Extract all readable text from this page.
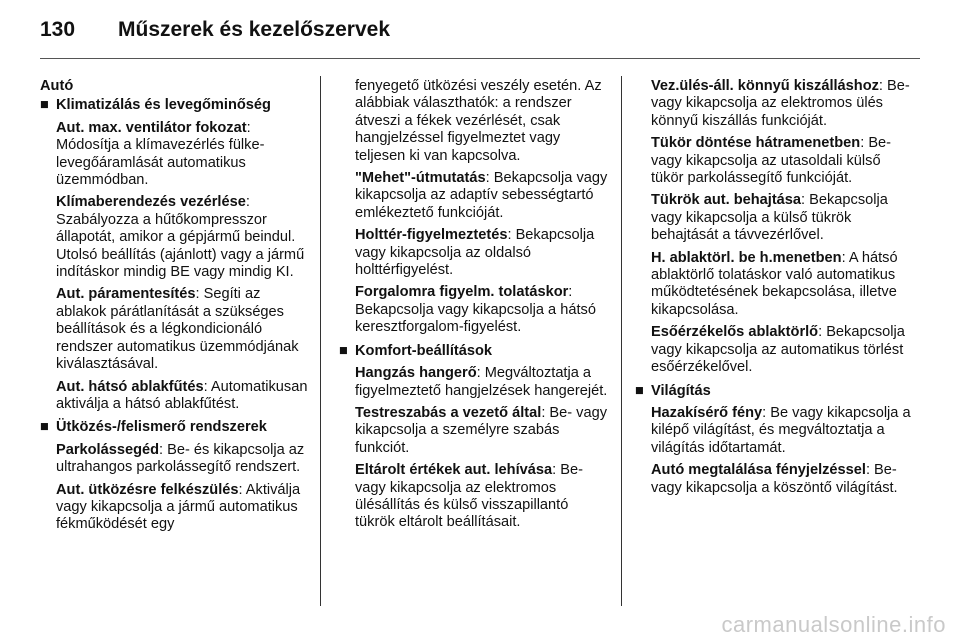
130	Műszerek és kezelőszervek
Autó
■ Klimatizálás és levegőminőség
Aut. max. ventilátor fokozat: Módosítja a klímavezérlés fülke-levegőáramlását automatikus üzemmódban.
Klímaberendezés vezérlése: Szabályozza a hűtőkompresszor állapotát, amikor a gépjármű beindul. Utolsó beállítás (ajánlott) vagy a jármű indításkor mindig BE vagy mindig KI.
Aut. páramentesítés: Segíti az ablakok párátlanítását a szükséges beállítások és a légkondicionáló rendszer automatikus üzemmódjának kiválasztásával.
Aut. hátsó ablakfűtés: Automatikusan aktiválja a hátsó ablakfűtést.
■ Ütközés-/felismerő rendszerek
Parkolássegéd: Be- és kikapcsolja az ultrahangos parkolássegítő rendszert.
Aut. ütközésre felkészülés: Aktiválja vagy kikapcsolja a jármű automatikus fékműködését egy
fenyegető ütközési veszély esetén. Az alábbiak választhatók: a rendszer átveszi a fékek vezérlését, csak hangjelzéssel figyelmeztet vagy teljesen ki van kapcsolva.
"Mehet"-útmutatás: Bekapcsolja vagy kikapcsolja az adaptív sebességtartó emlékeztető funkcióját.
Holttér-figyelmeztetés: Bekapcsolja vagy kikapcsolja az oldalsó holttérfigyelést.
Forgalomra figyelm. tolatáskor: Bekapcsolja vagy kikapcsolja a hátsó keresztforgalom-figyelést.
■ Komfort-beállítások
Hangzás hangerő: Megváltoztatja a figyelmeztető hangjelzések hangerejét.
Testreszabás a vezető által: Be- vagy kikapcsolja a személyre szabás funkciót.
Eltárolt értékek aut. lehívása: Be- vagy kikapcsolja az elektromos ülésállítás és külső visszapillantó tükrök eltárolt beállításait.
Vez.ülés-áll. könnyű kiszálláshoz: Be- vagy kikapcsolja az elektromos ülés könnyű kiszállás funkcióját.
Tükör döntése hátramenetben: Be- vagy kikapcsolja az utasoldali külső tükör parkolássegítő funkcióját.
Tükrök aut. behajtása: Bekapcsolja vagy kikapcsolja a külső tükrök behajtását a távvezérlővel.
H. ablaktörl. be h.menetben: A hátsó ablaktörlő tolatáskor való automatikus működtetésének bekapcsolása, illetve kikapcsolása.
Esőérzékelős ablaktörlő: Bekapcsolja vagy kikapcsolja az automatikus törlést esőérzékelővel.
■ Világítás
Hazakísérő fény: Be vagy kikapcsolja a kilépő világítást, és megváltoztatja a világítás időtartamát.
Autó megtalálása fényjelzéssel: Be- vagy kikapcsolja a köszöntő világítást.
carmanualsonline.info
